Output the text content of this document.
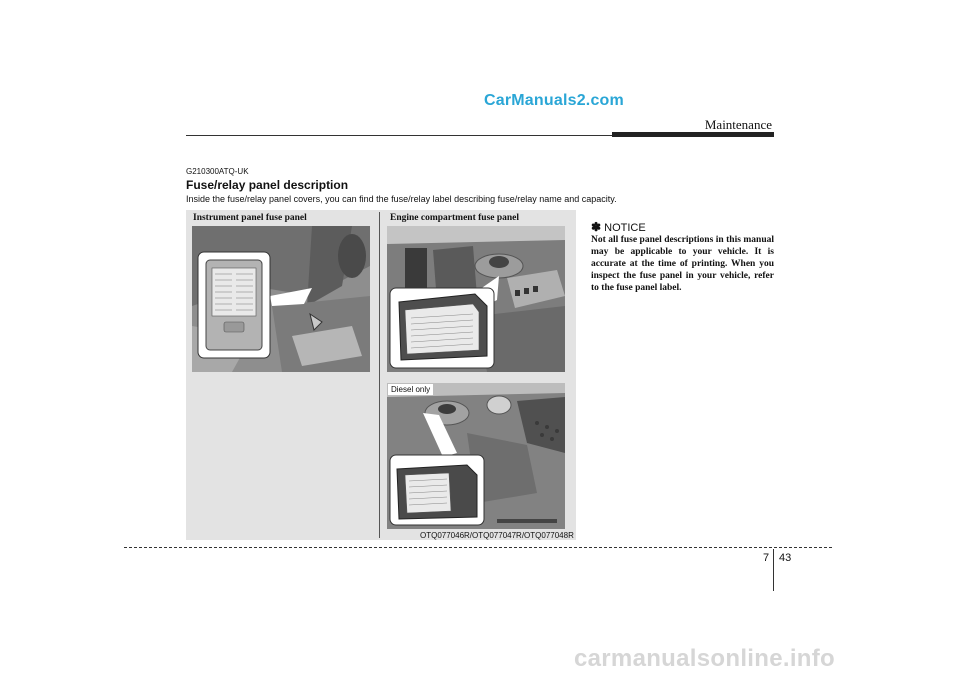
CarManuals2.com
Maintenance
G210300ATQ-UK
Fuse/relay panel description
Inside the fuse/relay panel covers, you can find the fuse/relay label describing fuse/relay name and capacity.
Instrument panel fuse panel	Engine compartment fuse panel
Diesel only
OTQ077046R/OTQ077047R/OTQ077048R
✽ NOTICE
Not all fuse panel descriptions in this manual may be applicable to your vehicle. It is accurate at the time of printing. When you inspect the fuse panel in your vehicle, refer to the fuse panel label.
7 43
carmanualsonline.info
